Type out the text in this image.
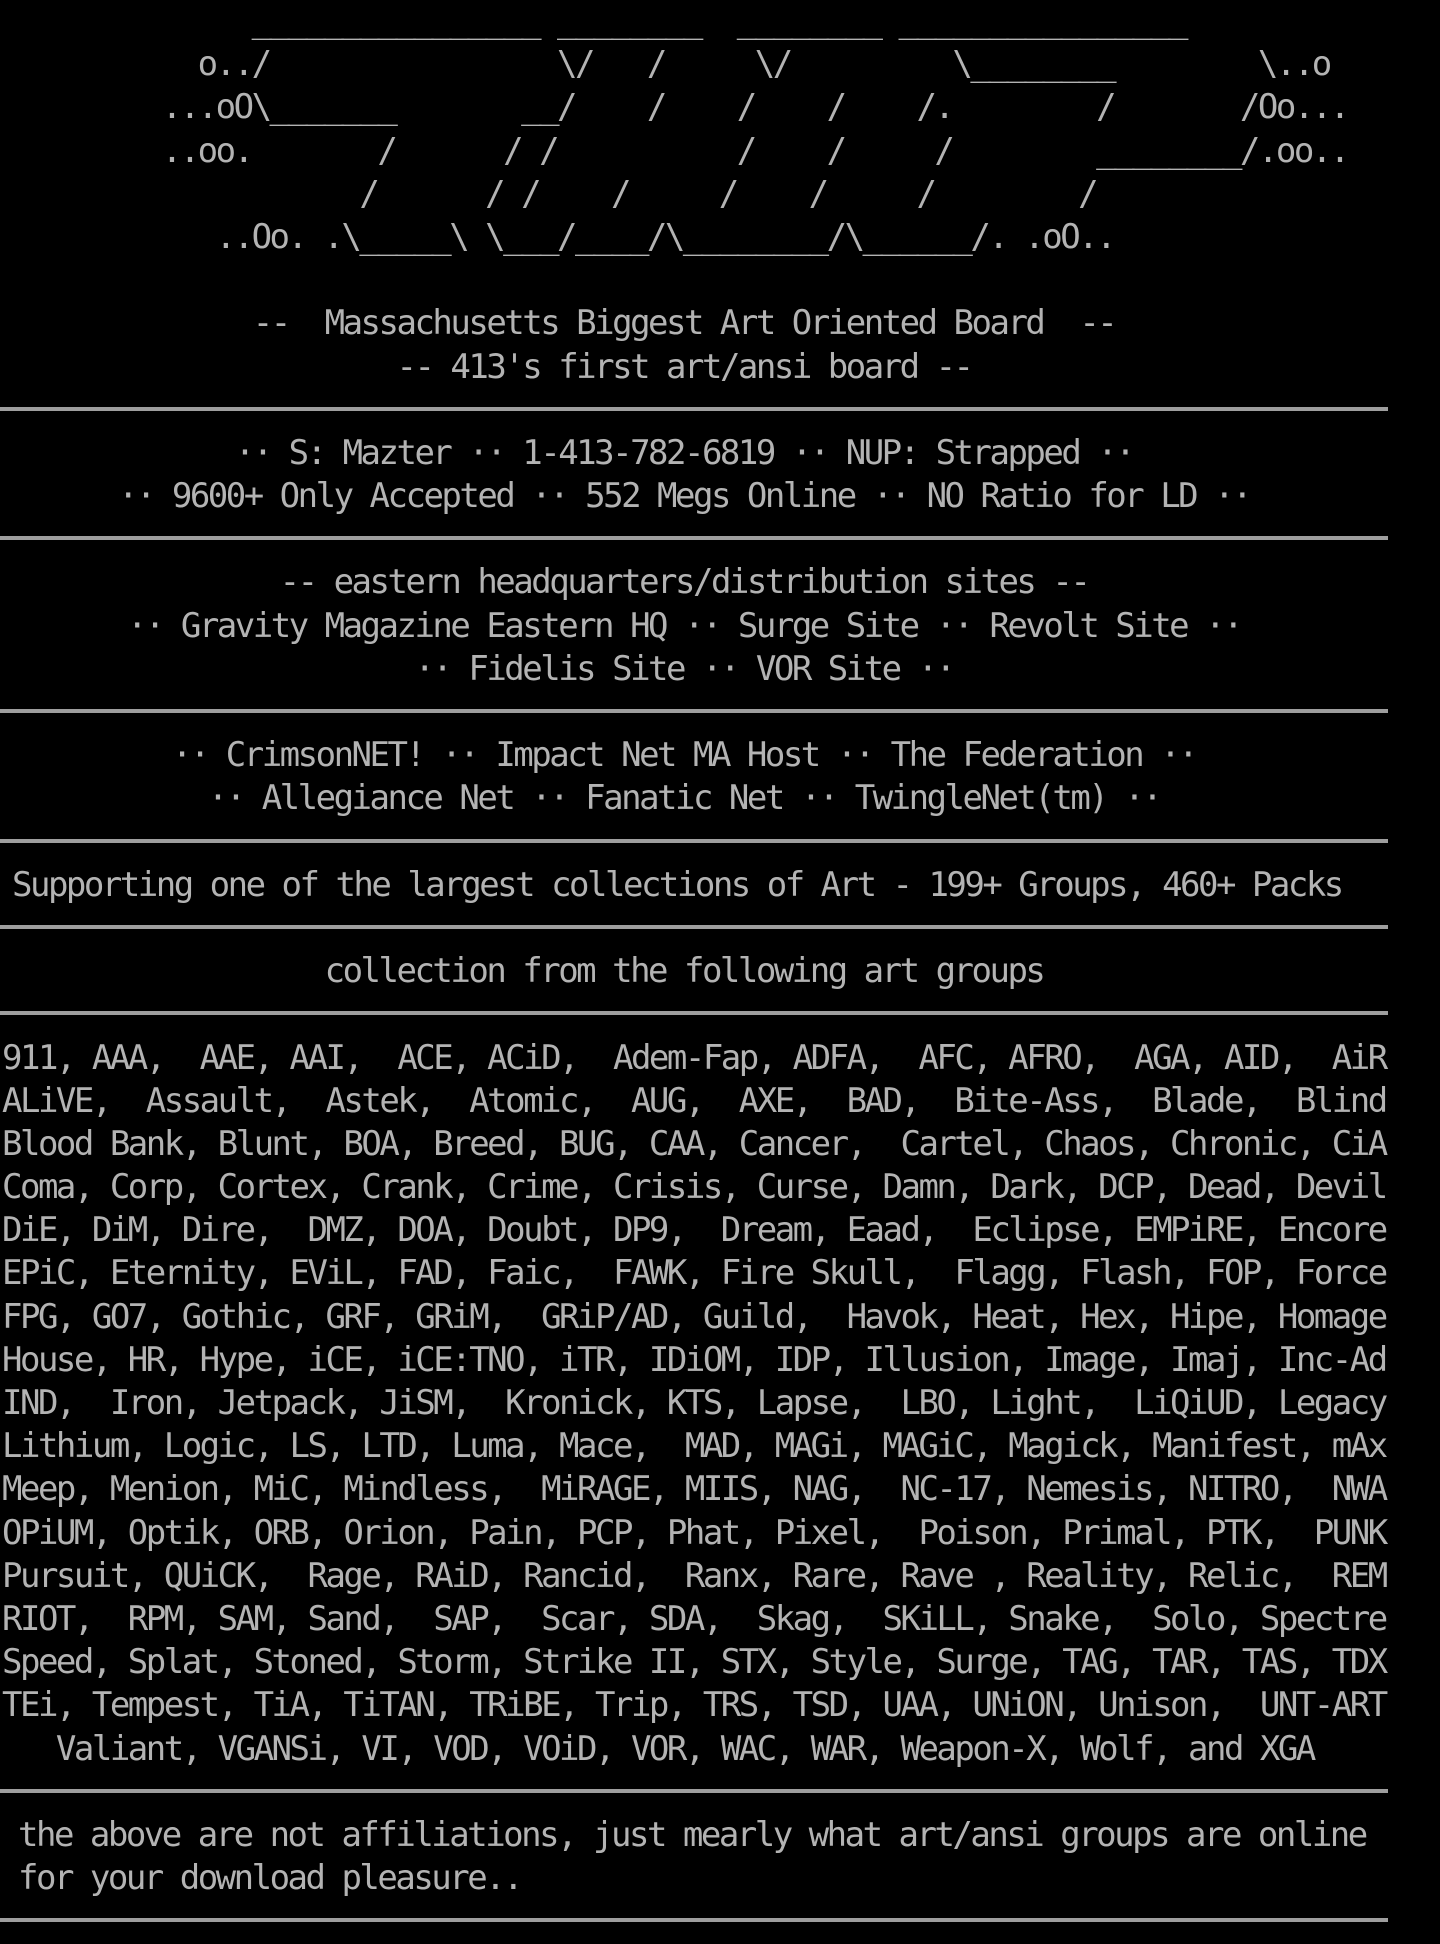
________________ ________  ________ ________________
o../                \/   /     \/         \________        \..o
...oO\_______       __/    /    /    /    /.        /       /Oo...
..oo.       /      / /          /    /     /        ________/.oo..
/      / /    /     /    /     /        /
..Oo. .\_____\ \___/____/\________/\______/. .oO..
--  Massachusetts Biggest Art Oriented Board  --
-- 413's first art/ansi board --
·· S: Mazter ·· 1-413-782-6819 ·· NUP: Strapped ··
·· 9600+ Only Accepted ·· 552 Megs Online ·· NO Ratio for LD ··
-- eastern headquarters/distribution sites --
·· Gravity Magazine Eastern HQ ·· Surge Site ·· Revolt Site ··
·· Fidelis Site ·· VOR Site ··
·· CrimsonNET! ·· Impact Net MA Host ·· The Federation ··
·· Allegiance Net ·· Fanatic Net ·· TwingleNet(tm) ··
Supporting one of the largest collections of Art - 199+ Groups, 460+ Packs
collection from the following art groups
911, AAA,  AAE, AAI,  ACE, ACiD,  Adem-Fap, ADFA,  AFC, AFRO,  AGA, AID,  AiR
ALiVE,  Assault,  Astek,  Atomic,  AUG,  AXE,  BAD,  Bite-Ass,  Blade,  Blind
Blood Bank, Blunt, BOA, Breed, BUG, CAA, Cancer,  Cartel, Chaos, Chronic, CiA
Coma, Corp, Cortex, Crank, Crime, Crisis, Curse, Damn, Dark, DCP, Dead, Devil
DiE, DiM, Dire,  DMZ, DOA, Doubt, DP9,  Dream, Eaad,  Eclipse, EMPiRE, Encore
EPiC, Eternity, EViL, FAD, Faic,  FAWK, Fire Skull,  Flagg, Flash, FOP, Force
FPG, GO7, Gothic, GRF, GRiM,  GRiP/AD, Guild,  Havok, Heat, Hex, Hipe, Homage
House, HR, Hype, iCE, iCE:TNO, iTR, IDiOM, IDP, Illusion, Image, Imaj, Inc-Ad
IND,  Iron, Jetpack, JiSM,  Kronick, KTS, Lapse,  LBO, Light,  LiQiUD, Legacy
Lithium, Logic, LS, LTD, Luma, Mace,  MAD, MAGi, MAGiC, Magick, Manifest, mAx
Meep, Menion, MiC, Mindless,  MiRAGE, MIIS, NAG,  NC-17, Nemesis, NITRO,  NWA
OPiUM, Optik, ORB, Orion, Pain, PCP, Phat, Pixel,  Poison, Primal, PTK,  PUNK
Pursuit, QUiCK,  Rage, RAiD, Rancid,  Ranx, Rare, Rave , Reality, Relic,  REM
RIOT,  RPM, SAM, Sand,  SAP,  Scar, SDA,  Skag,  SKiLL, Snake,  Solo, Spectre
Speed, Splat, Stoned, Storm, Strike II, STX, Style, Surge, TAG, TAR, TAS, TDX
TEi, Tempest, TiA, TiTAN, TRiBE, Trip, TRS, TSD, UAA, UNiON, Unison,  UNT-ART
Valiant, VGANSi, VI, VOD, VOiD, VOR, WAC, WAR, Weapon-X, Wolf, and XGA
the above are not affiliations, just mearly what art/ansi groups are online
for your download pleasure..
